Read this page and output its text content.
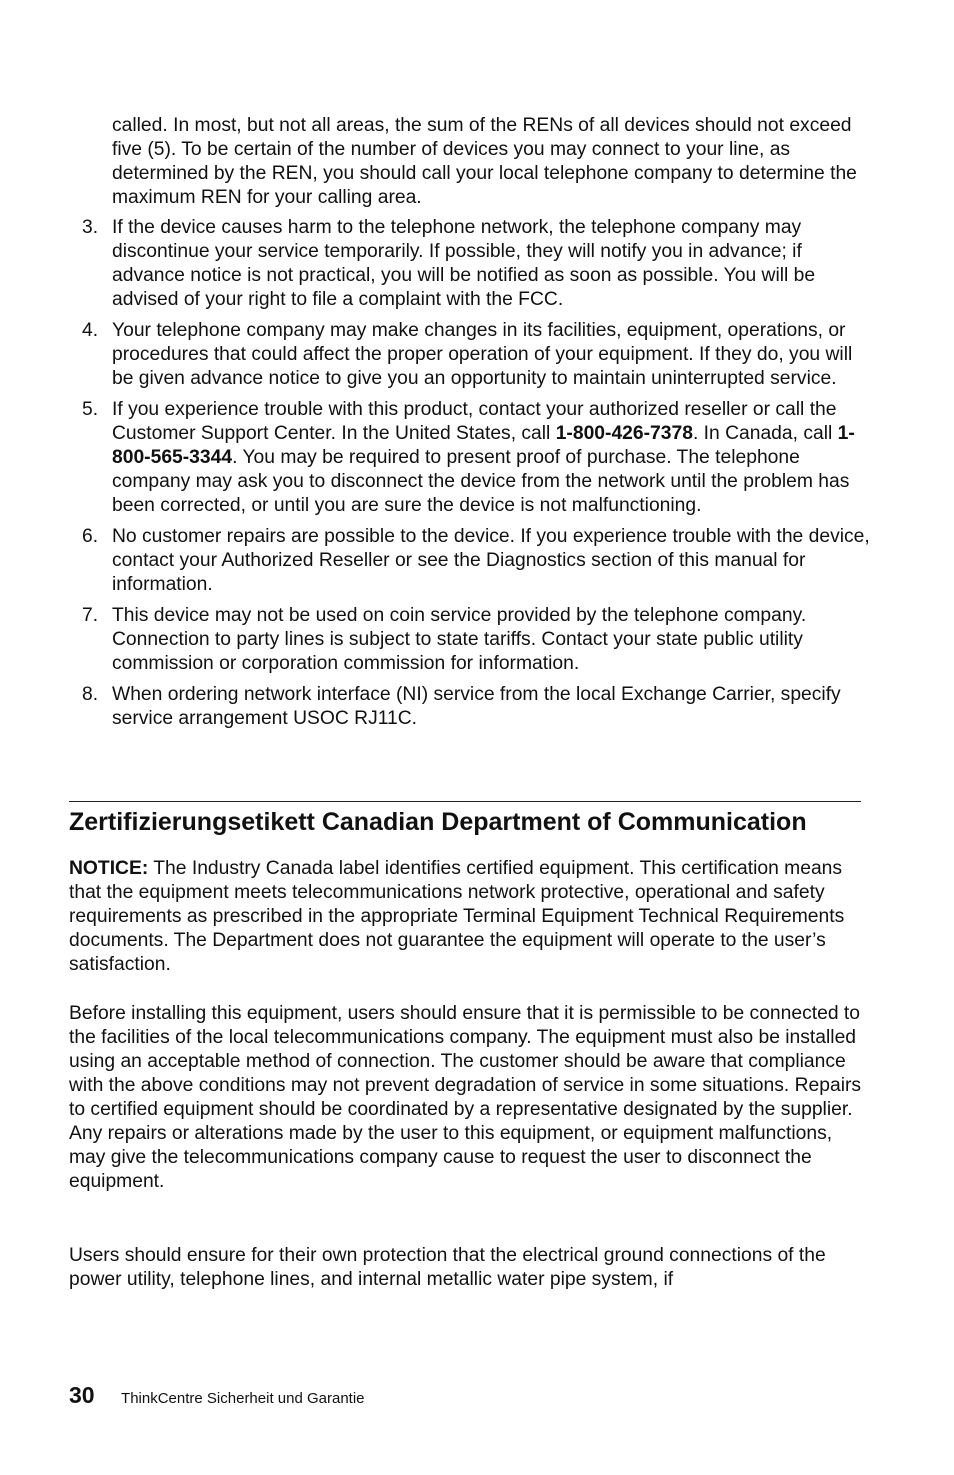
called. In most, but not all areas, the sum of the RENs of all devices should not exceed five (5). To be certain of the number of devices you may connect to your line, as determined by the REN, you should call your local telephone company to determine the maximum REN for your calling area.

3. If the device causes harm to the telephone network, the telephone company may discontinue your service temporarily. If possible, they will notify you in advance; if advance notice is not practical, you will be notified as soon as possible. You will be advised of your right to file a complaint with the FCC.
4. Your telephone company may make changes in its facilities, equipment, operations, or procedures that could affect the proper operation of your equipment. If they do, you will be given advance notice to give you an opportunity to maintain uninterrupted service.
5. If you experience trouble with this product, contact your authorized reseller or call the Customer Support Center. In the United States, call 1-800-426-7378. In Canada, call 1-800-565-3344. You may be required to present proof of purchase. The telephone company may ask you to disconnect the device from the network until the problem has been corrected, or until you are sure the device is not malfunctioning.
6. No customer repairs are possible to the device. If you experience trouble with the device, contact your Authorized Reseller or see the Diagnostics section of this manual for information.
7. This device may not be used on coin service provided by the telephone company. Connection to party lines is subject to state tariffs. Contact your state public utility commission or corporation commission for information.
8. When ordering network interface (NI) service from the local Exchange Carrier, specify service arrangement USOC RJ11C.
Zertifizierungsetikett Canadian Department of Communication

NOTICE: The Industry Canada label identifies certified equipment. This certification means that the equipment meets telecommunications network protective, operational and safety requirements as prescribed in the appropriate Terminal Equipment Technical Requirements documents. The Department does not guarantee the equipment will operate to the user’s satisfaction.

Before installing this equipment, users should ensure that it is permissible to be connected to the facilities of the local telecommunications company. The equipment must also be installed using an acceptable method of connection. The customer should be aware that compliance with the above conditions may not prevent degradation of service in some situations. Repairs to certified equipment should be coordinated by a representative designated by the supplier. Any repairs or alterations made by the user to this equipment, or equipment malfunctions, may give the telecommunications company cause to request the user to disconnect the equipment.

Users should ensure for their own protection that the electrical ground connections of the power utility, telephone lines, and internal metallic water pipe system, if

30 ThinkCentre Sicherheit und Garantie
